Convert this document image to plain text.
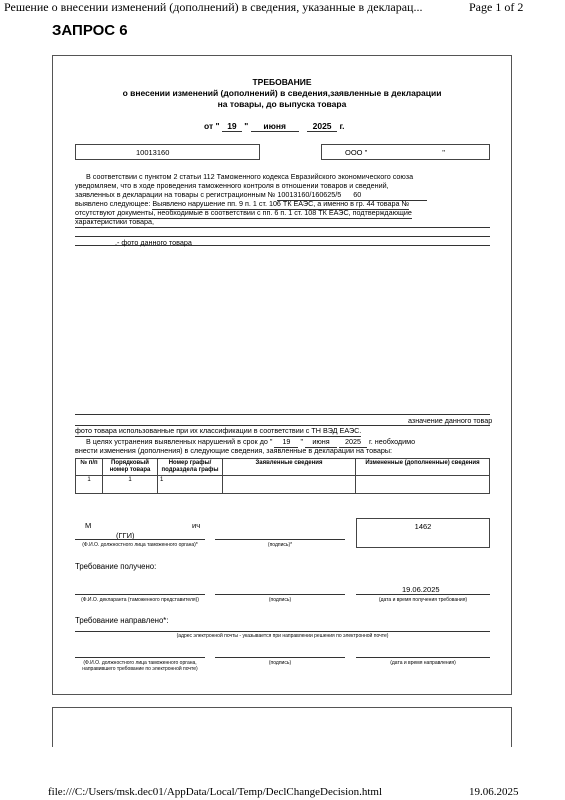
Решение о внесении изменений (дополнений) в сведения, указанные в декларац...	Page 1 of 2
ЗАПРОС 6
ТРЕБОВАНИЕ
о внесении изменений (дополнений) в сведения,заявленные в декларации
на товары, до выпуска товара
от " 19 " июня	2025 г.
10013160	ООО "                                    "
В соответствии с пунктом 2 статьи 112 Таможенного кодекса Евразийского экономического союза
уведомляем, что в ходе проведения таможенного контроля в отношении товаров и сведений,
заявленных в декларации на товары с регистрационным № 10013160/160625/5      60
выявлено следующее: Выявлено нарушение пп. 9 п. 1 ст. 106 ТК ЕАЭС, а именно в гр. 44 товара №
отсутствуют документы, необходимые в соответствии с пп. 6 п. 1 ст. 108 ТК ЕАЭС, подтверждающие
характеристики товара,
.- фото данного товара
азначение данного товар
фото товара использованные при их классификации в соответствии с ТН ВЭД ЕАЭС.
В целях устранения выявленных нарушений в срок до " 19 " июня 2025 г. необходимо
внести изменения (дополнения) в следующие сведения, заявленные в декларации на товары:
№ п/п	Порядковый номер товара	Номер графы/ подраздела графы	Заявленные сведения	Измененные (дополненные) сведения
1	1	1		
М	ич
(ГГИ)
1462
(Ф.И.О. должностного лица таможенного органа)*	(подпись)*
Требование получено:
19.06.2025
(Ф.И.О. декларанта (таможенного представителя))	(подпись)	(дата и время получения требования)
Требование направлено*:
(адрес электронной почты - указывается при направлении решения по электронной почте)
(Ф.И.О. должностного лица таможенного органа, направившего требование по электронной почте)
(подпись)	(дата и время направления)
file:///C:/Users/msk.dec01/AppData/Local/Temp/DeclChangeDecision.html	19.06.2025
